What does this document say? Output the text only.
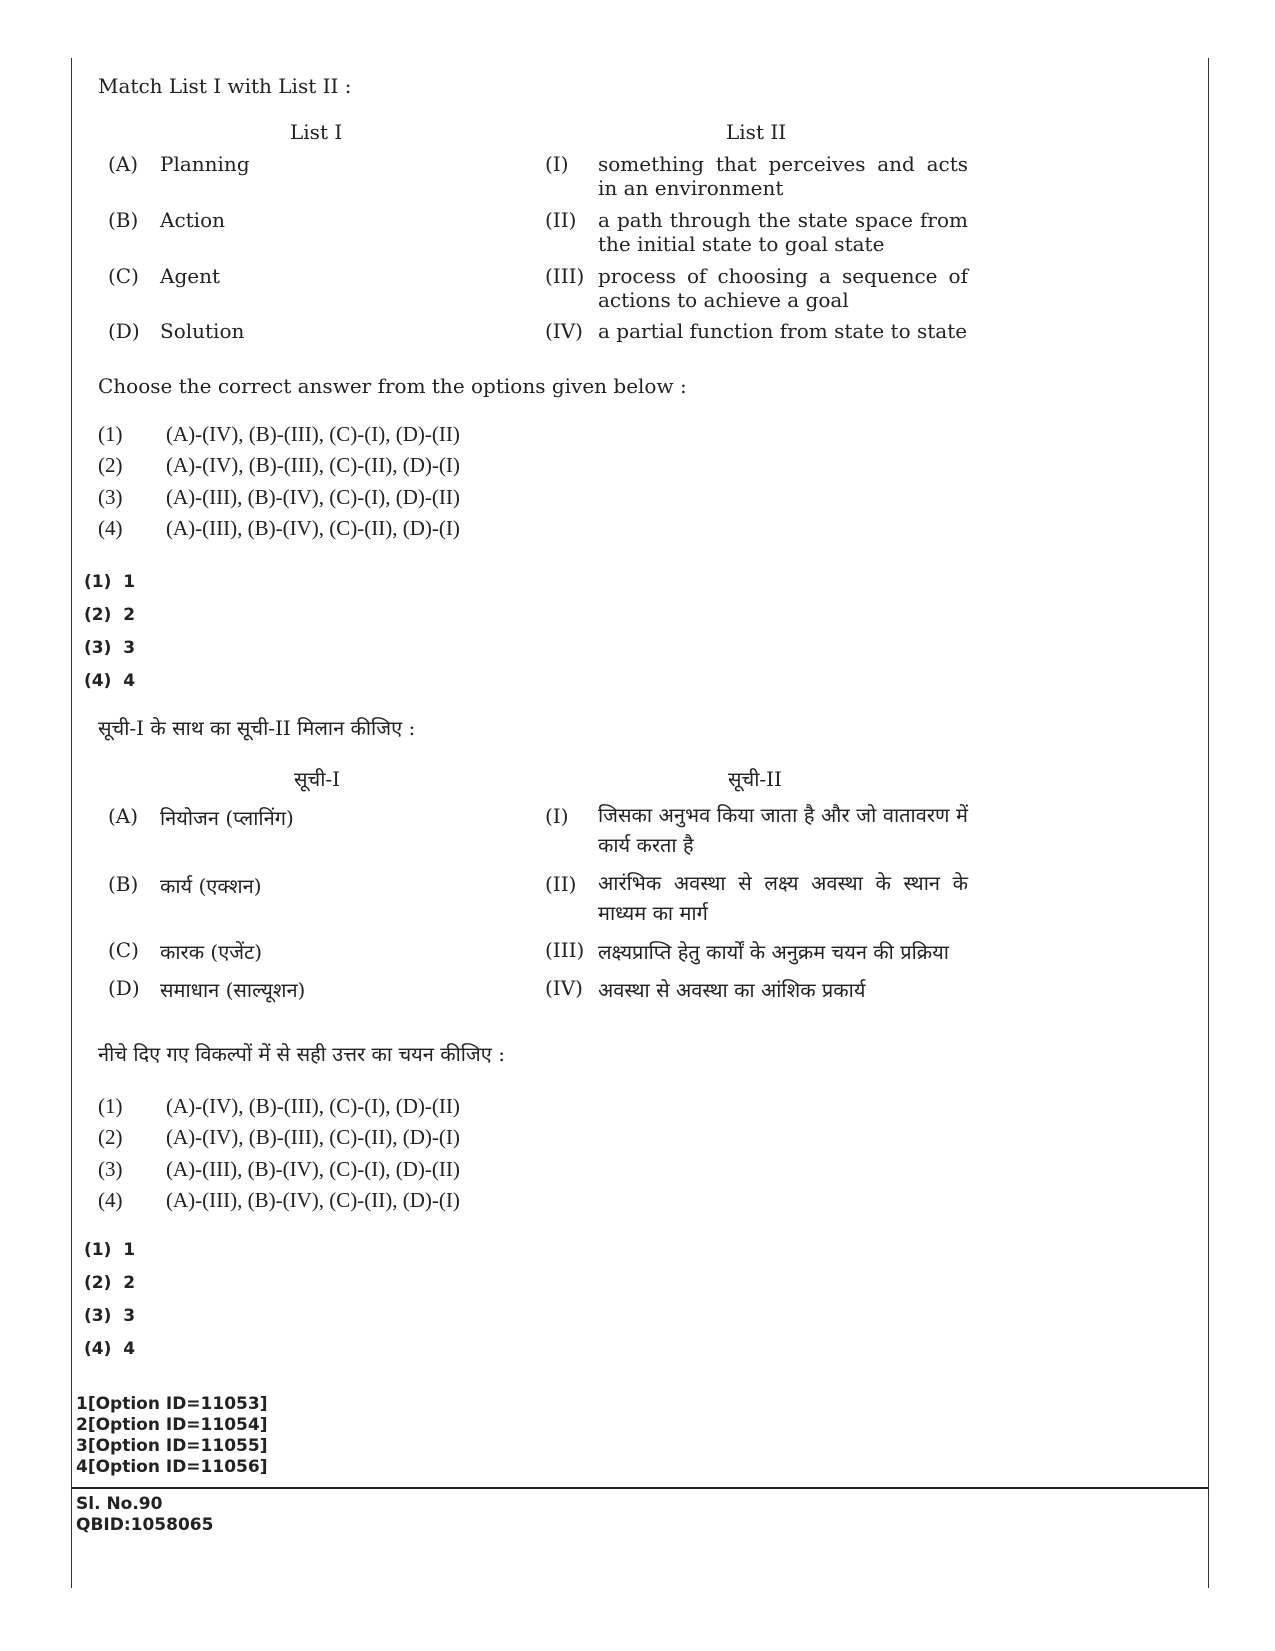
Match List I with List II :
List I	List II
(A) Planning	(I) something that perceives and acts in an environment
(B) Action	(II) a path through the state space from the initial state to goal state
(C) Agent	(III) process of choosing a sequence of actions to achieve a goal
(D) Solution	(IV) a partial function from state to state
Choose the correct answer from the options given below :
(1) (A)-(IV), (B)-(III), (C)-(I), (D)-(II)
(2) (A)-(IV), (B)-(III), (C)-(II), (D)-(I)
(3) (A)-(III), (B)-(IV), (C)-(I), (D)-(II)
(4) (A)-(III), (B)-(IV), (C)-(II), (D)-(I)
(1) 1
(2) 2
(3) 3
(4) 4
सूची-I के साथ का सूची-II मिलान कीजिए :
सूची-I	सूची-II
(A) नियोजन (प्लानिंग)	(I) जिसका अनुभव किया जाता है और जो वातावरण में कार्य करता है
(B) कार्य (एक्शन)	(II) आरंभिक अवस्था से लक्ष्य अवस्था के स्थान के माध्यम का मार्ग
(C) कारक (एजेंट)	(III) लक्ष्यप्राप्ति हेतु कार्यों के अनुक्रम चयन की प्रक्रिया
(D) समाधान (साल्यूशन)	(IV) अवस्था से अवस्था का आंशिक प्रकार्य
नीचे दिए गए विकल्पों में से सही उत्तर का चयन कीजिए :
(1) (A)-(IV), (B)-(III), (C)-(I), (D)-(II)
(2) (A)-(IV), (B)-(III), (C)-(II), (D)-(I)
(3) (A)-(III), (B)-(IV), (C)-(I), (D)-(II)
(4) (A)-(III), (B)-(IV), (C)-(II), (D)-(I)
(1) 1
(2) 2
(3) 3
(4) 4
1[Option ID=11053]
2[Option ID=11054]
3[Option ID=11055]
4[Option ID=11056]
Sl. No.90
QBID:1058065
